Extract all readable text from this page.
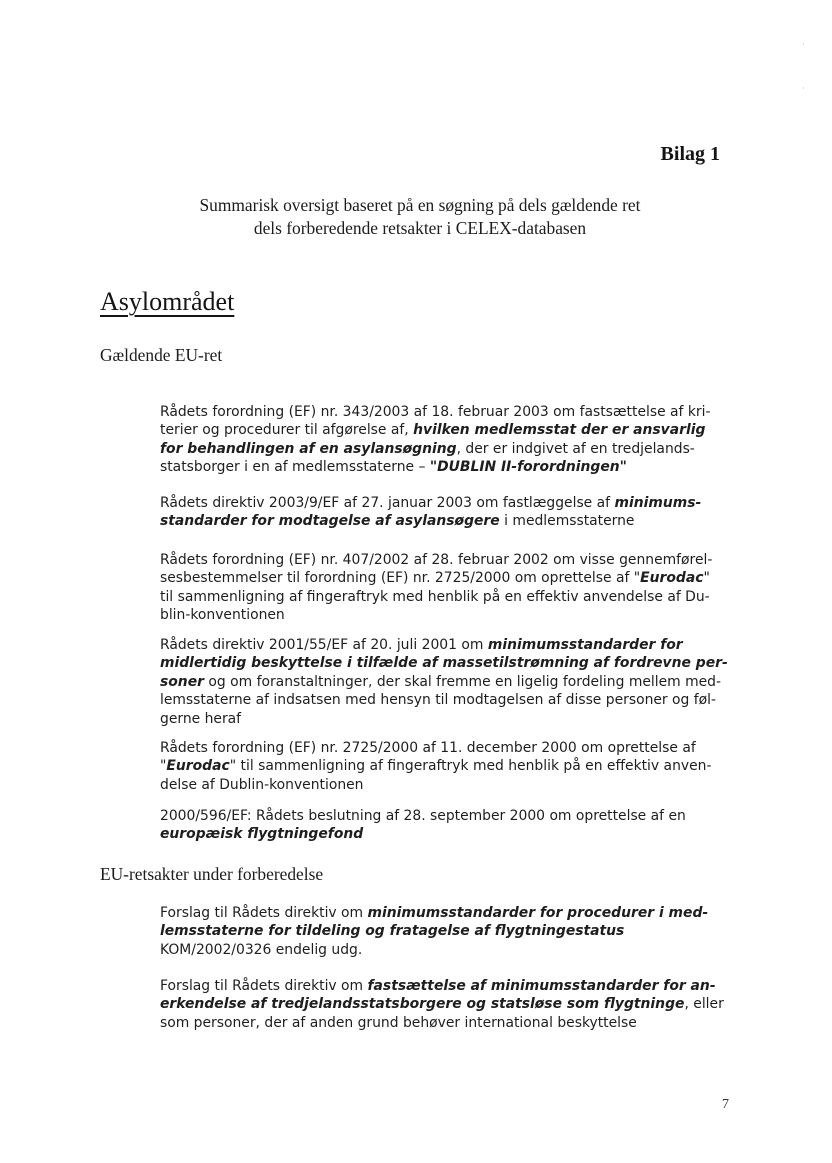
ˌ
·
Bilag 1
Summarisk oversigt baseret på en søgning på dels gældende ret
dels forberedende retsakter i CELEX-databasen
Asylområdet
Gældende EU-ret
Rådets forordning (EF) nr. 343/2003 af 18. februar 2003 om fastsættelse af kri-
terier og procedurer til afgørelse af, hvilken medlemsstat der er ansvarlig
for behandlingen af en asylansøgning, der er indgivet af en tredjelands-
statsborger i en af medlemsstaterne – "DUBLIN II-forordningen"
Rådets direktiv 2003/9/EF af 27. januar 2003 om fastlæggelse af minimums-
standarder for modtagelse af asylansøgere i medlemsstaterne
Rådets forordning (EF) nr. 407/2002 af 28. februar 2002 om visse gennemførel-
sesbestemmelser til forordning (EF) nr. 2725/2000 om oprettelse af "Eurodac"
til sammenligning af fingeraftryk med henblik på en effektiv anvendelse af Du-
blin-konventionen
Rådets direktiv 2001/55/EF af 20. juli 2001 om minimumsstandarder for
midlertidig beskyttelse i tilfælde af massetilstrømning af fordrevne per-
soner og om foranstaltninger, der skal fremme en ligelig fordeling mellem med-
lemsstaterne af indsatsen med hensyn til modtagelsen af disse personer og føl-
gerne heraf
Rådets forordning (EF) nr. 2725/2000 af 11. december 2000 om oprettelse af
"Eurodac" til sammenligning af fingeraftryk med henblik på en effektiv anven-
delse af Dublin-konventionen
2000/596/EF: Rådets beslutning af 28. september 2000 om oprettelse af en
europæisk flygtningefond
EU-retsakter under forberedelse
Forslag til Rådets direktiv om minimumsstandarder for procedurer i med-
lemsstaterne for tildeling og fratagelse af flygtningestatus
KOM/2002/0326 endelig udg.
Forslag til Rådets direktiv om fastsættelse af minimumsstandarder for an-
erkendelse af tredjelandsstatsborgere og statsløse som flygtninge, eller
som personer, der af anden grund behøver international beskyttelse
7
